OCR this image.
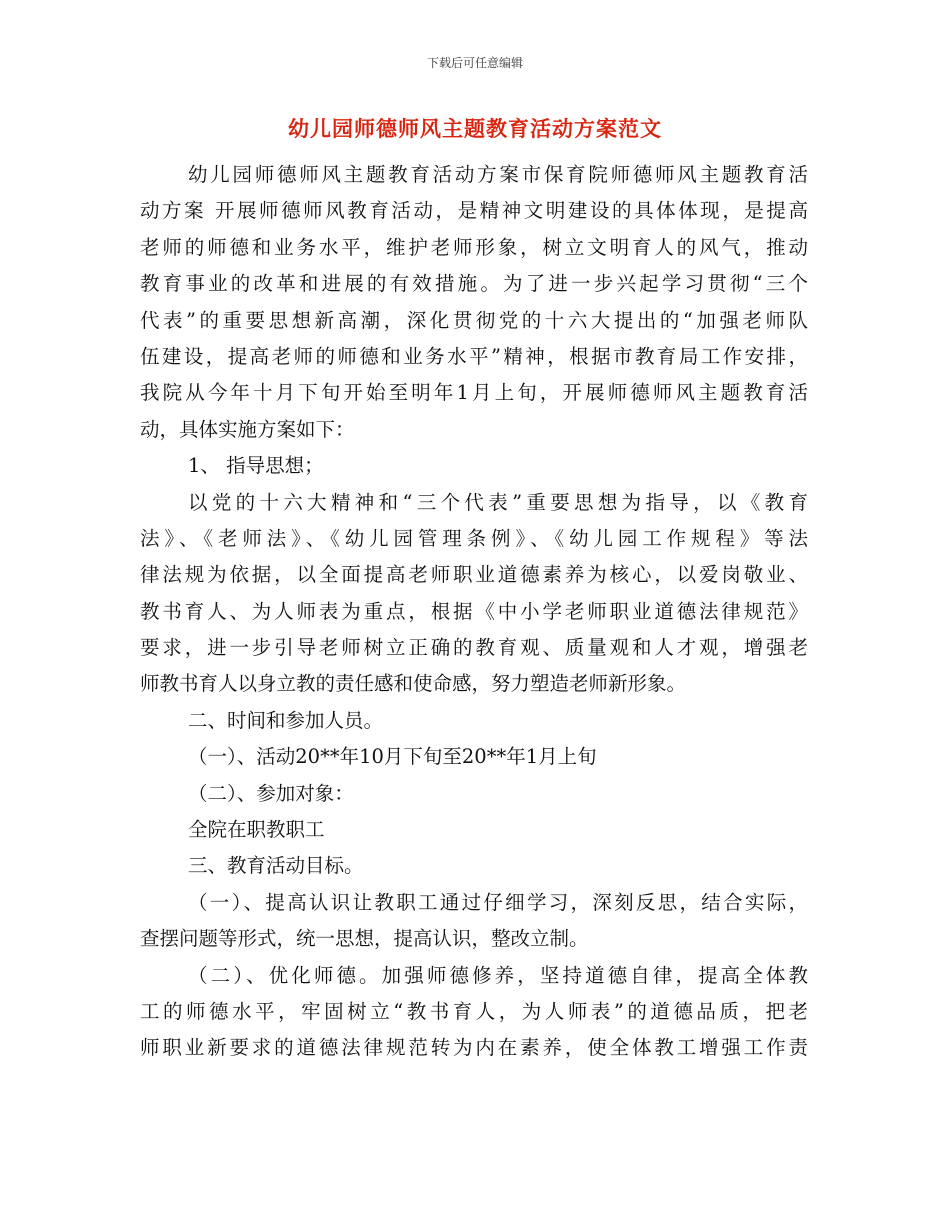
下载后可任意编辑
幼儿园师德师风主题教育活动方案范文
幼儿园师德师风主题教育活动方案市保育院师德师风主题教育活
动方案 开展师德师风教育活动，是精神文明建设的具体体现，是提高
老师的师德和业务水平，维护老师形象，树立文明育人的风气，推动
教育事业的改革和进展的有效措施。为了进一步兴起学习贯彻“三个
代表”的重要思想新高潮，深化贯彻党的十六大提出的“加强老师队
伍建设，提高老师的师德和业务水平”精神，根据市教育局工作安排，
我院从今年十月下旬开始至明年1月上旬，开展师德师风主题教育活
动，具体实施方案如下：
1、 指导思想；
以党的十六大精神和“三个代表”重要思想为指导，以《教育
法》、《老师法》、《幼儿园管理条例》、《幼儿园工作规程》等法
律法规为依据，以全面提高老师职业道德素养为核心，以爱岗敬业、
教书育人、为人师表为重点，根据《中小学老师职业道德法律规范》
要求，进一步引导老师树立正确的教育观、质量观和人才观，增强老
师教书育人以身立教的责任感和使命感，努力塑造老师新形象。
二、时间和参加人员。
（一）、活动20**年10月下旬至20**年1月上旬
（二）、参加对象：
全院在职教职工
三、教育活动目标。
（一）、提高认识让教职工通过仔细学习，深刻反思，结合实际，
查摆问题等形式，统一思想，提高认识，整改立制。
（二）、优化师德。加强师德修养，坚持道德自律，提高全体教
工的师德水平，牢固树立“教书育人，为人师表”的道德品质，把老
师职业新要求的道德法律规范转为内在素养，使全体教工增强工作责
